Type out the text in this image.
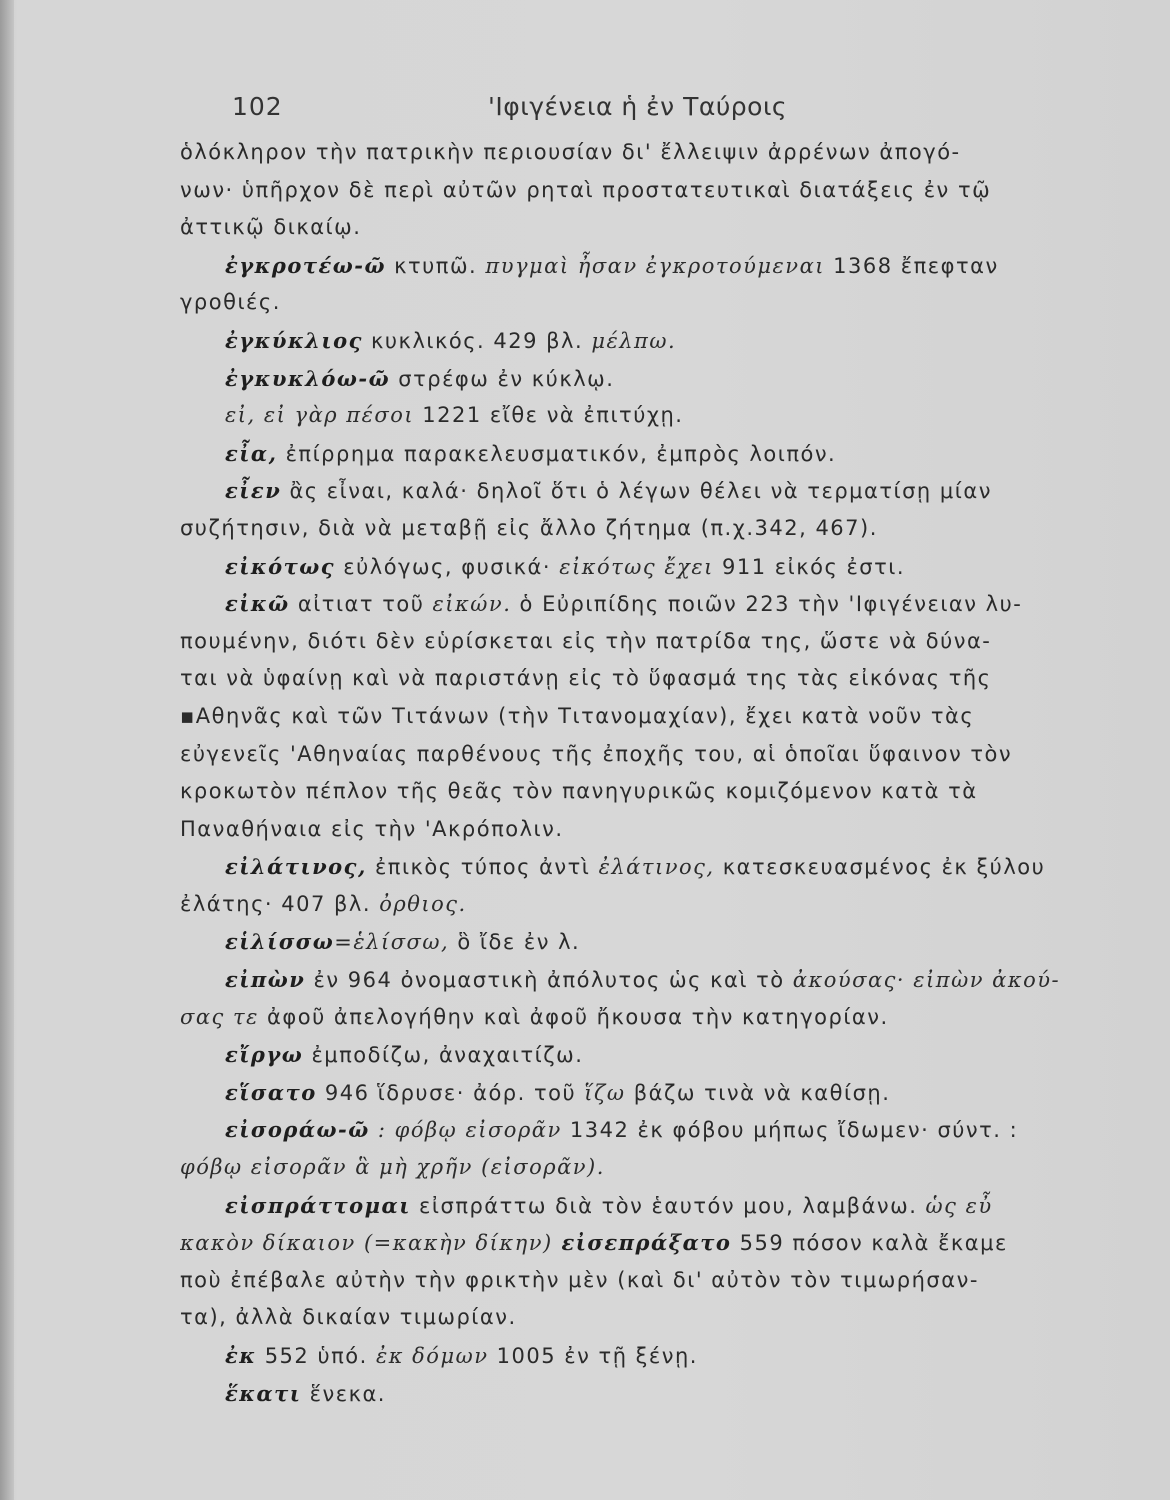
102	'Ιφιγένεια ἡ ἐν Ταύροις
ὁλόκληρον τὴν πατρικὴν περιουσίαν δι' ἔλλειψιν ἀρρένων ἀπογό-
νων· ὑπῆρχον δὲ περὶ αὐτῶν ρηταὶ προστατευτικαὶ διατάξεις ἐν τῷ
ἀττικῷ δικαίῳ.
ἐγκροτέω-ῶ κτυπῶ. πυγμαὶ ἦσαν ἐγκροτούμεναι 1368 ἔπεφταν
γροθιές.
ἐγκύκλιος κυκλικός. 429 βλ. μέλπω.
ἐγκυκλόω-ῶ στρέφω ἐν κύκλῳ.
εἰ, εἰ γὰρ πέσοι 1221 εἴθε νὰ ἐπιτύχῃ.
εἶα, ἐπίρρημα παρακελευσματικόν, ἐμπρὸς λοιπόν.
εἶεν ἂς εἶναι, καλά· δηλοῖ ὅτι ὁ λέγων θέλει νὰ τερματίσῃ μίαν
συζήτησιν, διὰ νὰ μεταβῇ εἰς ἄλλο ζήτημα (π.χ.342, 467).
εἰκότως εὐλόγως, φυσικά· εἰκότως ἔχει 911 εἰκός ἐστι.
εἰκῶ αἰτιατ τοῦ εἰκών. ὁ Εὐριπίδης ποιῶν 223 τὴν 'Ιφιγένειαν λυ-
πουμένην, διότι δὲν εὑρίσκεται εἰς τὴν πατρίδα της, ὥστε νὰ δύνα-
ται νὰ ὑφαίνῃ καὶ νὰ παριστάνῃ εἰς τὸ ὕφασμά της τὰς εἰκόνας τῆς
▪Αθηνᾶς καὶ τῶν Τιτάνων (τὴν Τιτανομαχίαν), ἔχει κατὰ νοῦν τὰς
εὐγενεῖς 'Αθηναίας παρθένους τῆς ἐποχῆς του, αἱ ὁποῖαι ὕφαινον τὸν
κροκωτὸν πέπλον τῆς θεᾶς τὸν πανηγυρικῶς κομιζόμενον κατὰ τὰ
Παναθήναια εἰς τὴν 'Ακρόπολιν.
εἰλάτινος, ἐπικὸς τύπος ἀντὶ ἐλάτινος, κατεσκευασμένος ἐκ ξύλου
ἐλάτης· 407 βλ. ὀρθιος.
εἱλίσσω=ἑλίσσω, ὃ ἴδε ἐν λ.
εἰπὼν ἐν 964 ὀνομαστικὴ ἀπόλυτος ὡς καὶ τὸ ἀκούσας· εἰπὼν ἀκού-
σας τε ἀφοῦ ἀπελογήθην καὶ ἀφοῦ ἤκουσα τὴν κατηγορίαν.
εἴργω ἐμποδίζω, ἀναχαιτίζω.
εἵσατο 946 ἵδρυσε· ἀόρ. τοῦ ἵζω βάζω τινὰ νὰ καθίσῃ.
εἰσοράω-ῶ : φόβῳ εἰσορᾶν 1342 ἐκ φόβου μήπως ἴδωμεν· σύντ. :
φόβῳ εἰσορᾶν ἃ μὴ χρῆν (εἰσορᾶν).
εἰσπράττομαι εἰσπράττω διὰ τὸν ἑαυτόν μου, λαμβάνω. ὡς εὖ
κακὸν δίκαιον (=κακὴν δίκην) εἰσεπράξατο 559 πόσον καλὰ ἔκαμε
ποὺ ἐπέβαλε αὐτὴν τὴν φρικτὴν μὲν (καὶ δι' αὐτὸν τὸν τιμωρήσαν-
τα), ἀλλὰ δικαίαν τιμωρίαν.
ἐκ 552 ὑπό. ἐκ δόμων 1005 ἐν τῇ ξένῃ.
ἕκατι ἕνεκα.
